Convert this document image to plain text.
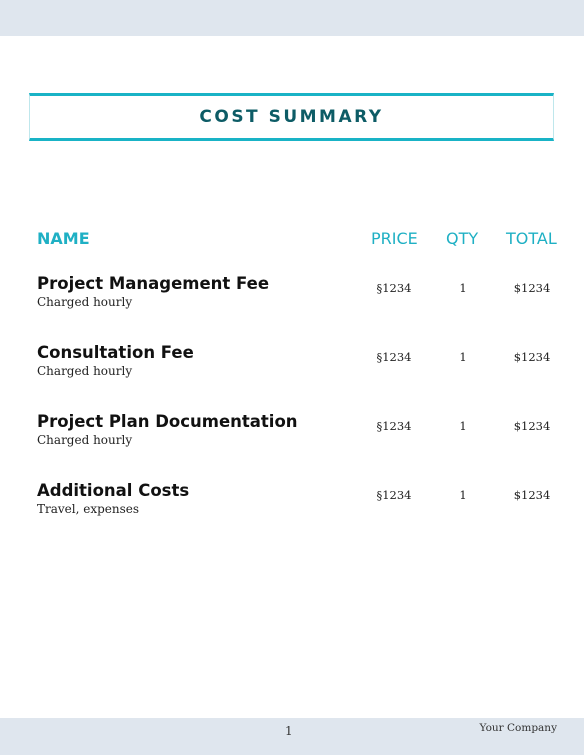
COST SUMMARY
NAME	PRICE QTY TOTAL
Project Management Fee
Charged hourly
§1234	1	$1234
Consultation Fee
Charged hourly
§1234	1	$1234
Project Plan Documentation
Charged hourly
§1234	1	$1234
Additional Costs
Travel, expenses
§1234	1	$1234
1	Your Company
